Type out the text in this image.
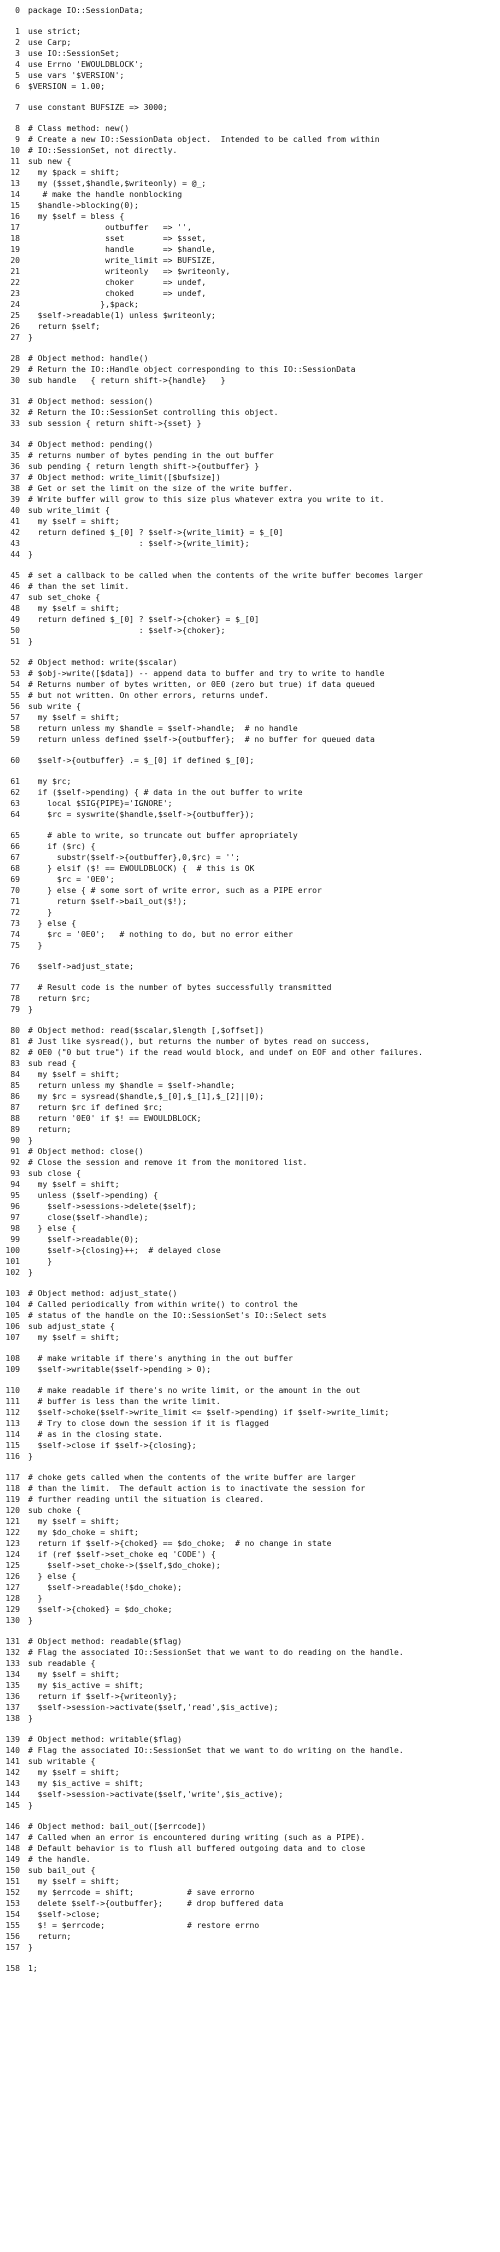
0	package IO::SessionData;
1	use strict;
2	use Carp;
3	use IO::SessionSet;
4	use Errno 'EWOULDBLOCK';
5	use vars '$VERSION';
6	$VERSION = 1.00;
7	use constant BUFSIZE => 3000;
8	# Class method: new()
9	# Create a new IO::SessionData object.  Intended to be called from within
10	# IO::SessionSet, not directly.
11	sub new {
12	my $pack = shift;
13	my ($sset,$handle,$writeonly) = @_;
14	# make the handle nonblocking
15	$handle->blocking(0);
16	my $self = bless {
17	outbuffer   => '',
18	sset        => $sset,
19	handle      => $handle,
20	write_limit => BUFSIZE,
21	writeonly   => $writeonly,
22	choker      => undef,
23	choked      => undef,
24	},$pack;
25	$self->readable(1) unless $writeonly;
26	return $self;
27	}
28	# Object method: handle()
29	# Return the IO::Handle object corresponding to this IO::SessionData
30	sub handle   { return shift->{handle}   }
31	# Object method: session()
32	# Return the IO::SessionSet controlling this object.
33	sub session { return shift->{sset} }
34	# Object method: pending()
35	# returns number of bytes pending in the out buffer
36	sub pending { return length shift->{outbuffer} }
37	# Object method: write_limit([$bufsize])
38	# Get or set the limit on the size of the write buffer.
39	# Write buffer will grow to this size plus whatever extra you write to it.
40	sub write_limit {
41	my $self = shift;
42	return defined $_[0] ? $self->{write_limit} = $_[0]
43	: $self->{write_limit};
44	}
45	# set a callback to be called when the contents of the write buffer becomes larger
46	# than the set limit.
47	sub set_choke {
48	my $self = shift;
49	return defined $_[0] ? $self->{choker} = $_[0]
50	: $self->{choker};
51	}
52	# Object method: write($scalar)
53	# $obj->write([$data]) -- append data to buffer and try to write to handle
54	# Returns number of bytes written, or 0E0 (zero but true) if data queued
55	# but not written. On other errors, returns undef.
56	sub write {
57	my $self = shift;
58	return unless my $handle = $self->handle;  # no handle
59	return unless defined $self->{outbuffer};  # no buffer for queued data
60	$self->{outbuffer} .= $_[0] if defined $_[0];
61	my $rc;
62	if ($self->pending) { # data in the out buffer to write
63	local $SIG{PIPE}='IGNORE';
64	$rc = syswrite($handle,$self->{outbuffer});
65	# able to write, so truncate out buffer apropriately
66	if ($rc) {
67	substr($self->{outbuffer},0,$rc) = '';
68	} elsif ($! == EWOULDBLOCK) {  # this is OK
69	$rc = '0E0';
70	} else { # some sort of write error, such as a PIPE error
71	return $self->bail_out($!);
72	}
73	} else {
74	$rc = '0E0';   # nothing to do, but no error either
75	}
76	$self->adjust_state;
77	# Result code is the number of bytes successfully transmitted
78	return $rc;
79	}
80	# Object method: read($scalar,$length [,$offset])
81	# Just like sysread(), but returns the number of bytes read on success,
82	# 0E0 ("0 but true") if the read would block, and undef on EOF and other failures.
83	sub read {
84	my $self = shift;
85	return unless my $handle = $self->handle;
86	my $rc = sysread($handle,$_[0],$_[1],$_[2]||0);
87	return $rc if defined $rc;
88	return '0E0' if $! == EWOULDBLOCK;
89	return;
90	}
91	# Object method: close()
92	# Close the session and remove it from the monitored list.
93	sub close {
94	my $self = shift;
95	unless ($self->pending) {
96	$self->sessions->delete($self);
97	close($self->handle);
98	} else {
99	$self->readable(0);
100	$self->{closing}++;  # delayed close
101	}
102	}
103	# Object method: adjust_state()
104	# Called periodically from within write() to control the
105	# status of the handle on the IO::SessionSet's IO::Select sets
106	sub adjust_state {
107	my $self = shift;
108	# make writable if there's anything in the out buffer
109	$self->writable($self->pending > 0);
110	# make readable if there's no write limit, or the amount in the out
111	# buffer is less than the write limit.
112	$self->choke($self->write_limit <= $self->pending) if $self->write_limit;
113	# Try to close down the session if it is flagged
114	# as in the closing state.
115	$self->close if $self->{closing};
116	}
117	# choke gets called when the contents of the write buffer are larger
118	# than the limit.  The default action is to inactivate the session for
119	# further reading until the situation is cleared.
120	sub choke {
121	my $self = shift;
122	my $do_choke = shift;
123	return if $self->{choked} == $do_choke;  # no change in state
124	if (ref $self->set_choke eq 'CODE') {
125	$self->set_choke->($self,$do_choke);
126	} else {
127	$self->readable(!$do_choke);
128	}
129	$self->{choked} = $do_choke;
130	}
131	# Object method: readable($flag)
132	# Flag the associated IO::SessionSet that we want to do reading on the handle.
133	sub readable {
134	my $self = shift;
135	my $is_active = shift;
136	return if $self->{writeonly};
137	$self->session->activate($self,'read',$is_active);
138	}
139	# Object method: writable($flag)
140	# Flag the associated IO::SessionSet that we want to do writing on the handle.
141	sub writable {
142	my $self = shift;
143	my $is_active = shift;
144	$self->session->activate($self,'write',$is_active);
145	}
146	# Object method: bail_out([$errcode])
147	# Called when an error is encountered during writing (such as a PIPE).
148	# Default behavior is to flush all buffered outgoing data and to close
149	# the handle.
150	sub bail_out {
151	my $self = shift;
152	my $errcode = shift;           # save errorno
153	delete $self->{outbuffer};     # drop buffered data
154	$self->close;
155	$! = $errcode;                 # restore errno
156	return;
157	}
158	1;
